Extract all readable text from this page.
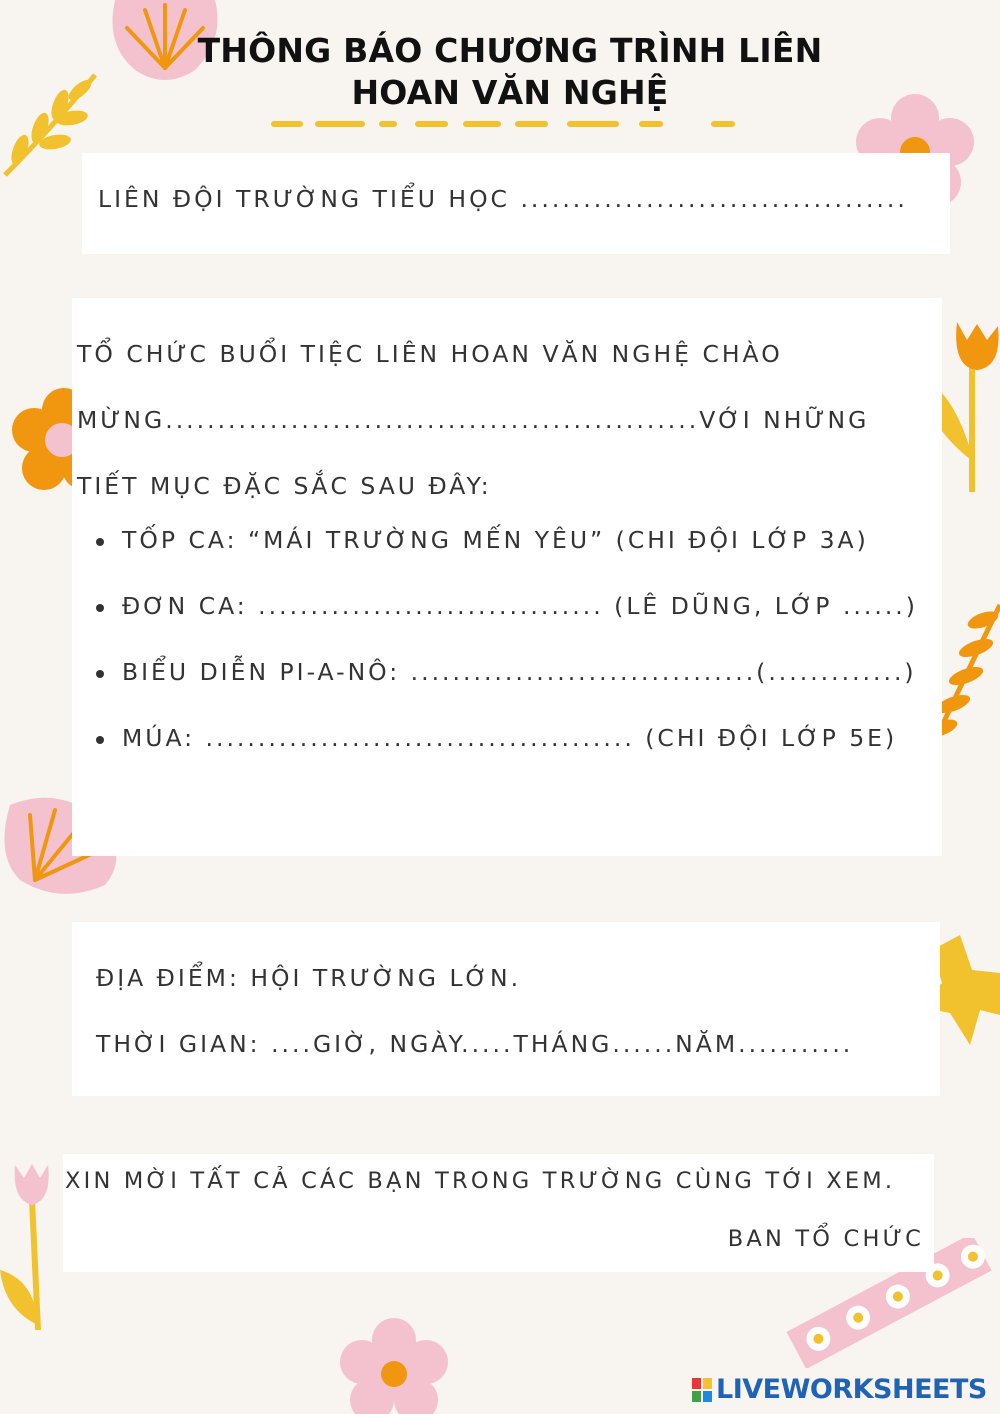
THÔNG BÁO CHƯƠNG TRÌNH LIÊN
HOAN VĂN NGHỆ
LIÊN ĐỘI TRƯỜNG TIỂU HỌC .....................................
TỔ CHỨC BUỔI TIỆC LIÊN HOAN VĂN NGHỆ CHÀO
MỪNG...................................................VỚI NHỮNG
TIẾT MỤC ĐẶC SẮC SAU ĐÂY:
TỐP CA: “MÁI TRƯỜNG MẾN YÊU” (CHI ĐỘI LỚP 3A)
ĐƠN CA: ................................. (LÊ DŨNG, LỚP ......)
BIỂU DIỄN PI-A-NÔ: .................................(.............)
MÚA: ......................................... (CHI ĐỘI LỚP 5E)
ĐỊA ĐIỂM: HỘI TRƯỜNG LỚN.
THỜI GIAN: ....GIỜ, NGÀY.....THÁNG......NĂM...........
XIN MỜI TẤT CẢ CÁC BẠN TRONG TRƯỜNG CÙNG TỚI XEM.
BAN TỔ CHỨC
LIVEWORKSHEETS
